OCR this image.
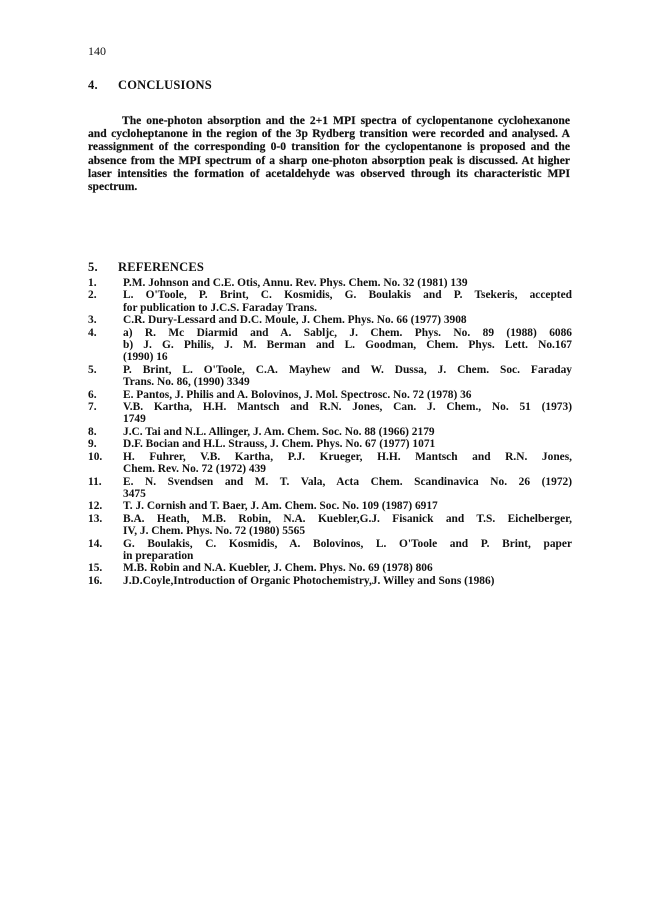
140
4. CONCLUSIONS

The one-photon absorption and the 2+1 MPI spectra of cyclopentanone cyclohexanone and cycloheptanone in the region of the 3p Rydberg transition were recorded and analysed. A reassignment of the corresponding 0-0 transition for the cyclopentanone is proposed and the absence from the MPI spectrum of a sharp one-photon absorption peak is discussed. At higher laser intensities the formation of acetaldehyde was observed through its characteristic MPI spectrum.

5. REFERENCES
1.	P.M. Johnson and C.E. Otis, Annu. Rev. Phys. Chem. No. 32 (1981) 139
2.	L. O'Toole, P. Brint, C. Kosmidis, G. Boulakis and P. Tsekeris, accepted
for publication to J.C.S. Faraday Trans.
3.	C.R. Dury-Lessard and D.C. Moule, J. Chem. Phys. No. 66 (1977) 3908
4.	a) R. Mc Diarmid and A. Sabljc, J. Chem. Phys. No. 89 (1988) 6086
b) J. G. Philis, J. M. Berman and L. Goodman, Chem. Phys. Lett. No.167
(1990) 16
5.	P. Brint, L. O'Toole, C.A. Mayhew and W. Dussa, J. Chem. Soc. Faraday
Trans. No. 86, (1990) 3349
6.	E. Pantos, J. Philis and A. Bolovinos, J. Mol. Spectrosc. No. 72 (1978) 36
7.	V.B. Kartha, H.H. Mantsch and R.N. Jones, Can. J. Chem., No. 51 (1973)
1749
8.	J.C. Tai and N.L. Allinger, J. Am. Chem. Soc. No. 88 (1966) 2179
9.	D.F. Bocian and H.L. Strauss, J. Chem. Phys. No. 67 (1977) 1071
10.	H. Fuhrer, V.B. Kartha, P.J. Krueger, H.H. Mantsch and R.N. Jones,
Chem. Rev. No. 72 (1972) 439
11.	E. N. Svendsen and M. T. Vala, Acta Chem. Scandinavica No. 26 (1972)
3475
12.	T. J. Cornish and T. Baer, J. Am. Chem. Soc. No. 109 (1987) 6917
13.	B.A. Heath, M.B. Robin, N.A. Kuebler,G.J. Fisanick and T.S. Eichelberger,
IV, J. Chem. Phys. No. 72 (1980) 5565
14.	G. Boulakis, C. Kosmidis, A. Bolovinos, L. O'Toole and P. Brint, paper
in preparation
15.	M.B. Robin and N.A. Kuebler, J. Chem. Phys. No. 69 (1978) 806
16.	J.D.Coyle,Introduction of Organic Photochemistry,J. Willey and Sons (1986)
